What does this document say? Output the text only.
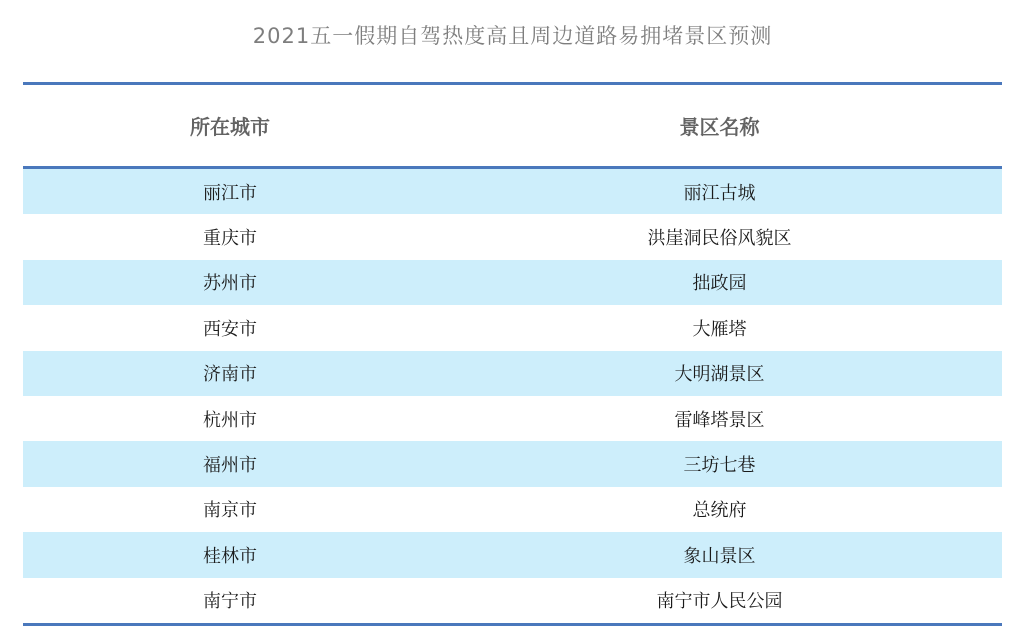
2021五一假期自驾热度高且周边道路易拥堵景区预测
所在城市	景区名称
丽江市	丽江古城
重庆市	洪崖洞民俗风貌区
苏州市	拙政园
西安市	大雁塔
济南市	大明湖景区
杭州市	雷峰塔景区
福州市	三坊七巷
南京市	总统府
桂林市	象山景区
南宁市	南宁市人民公园
